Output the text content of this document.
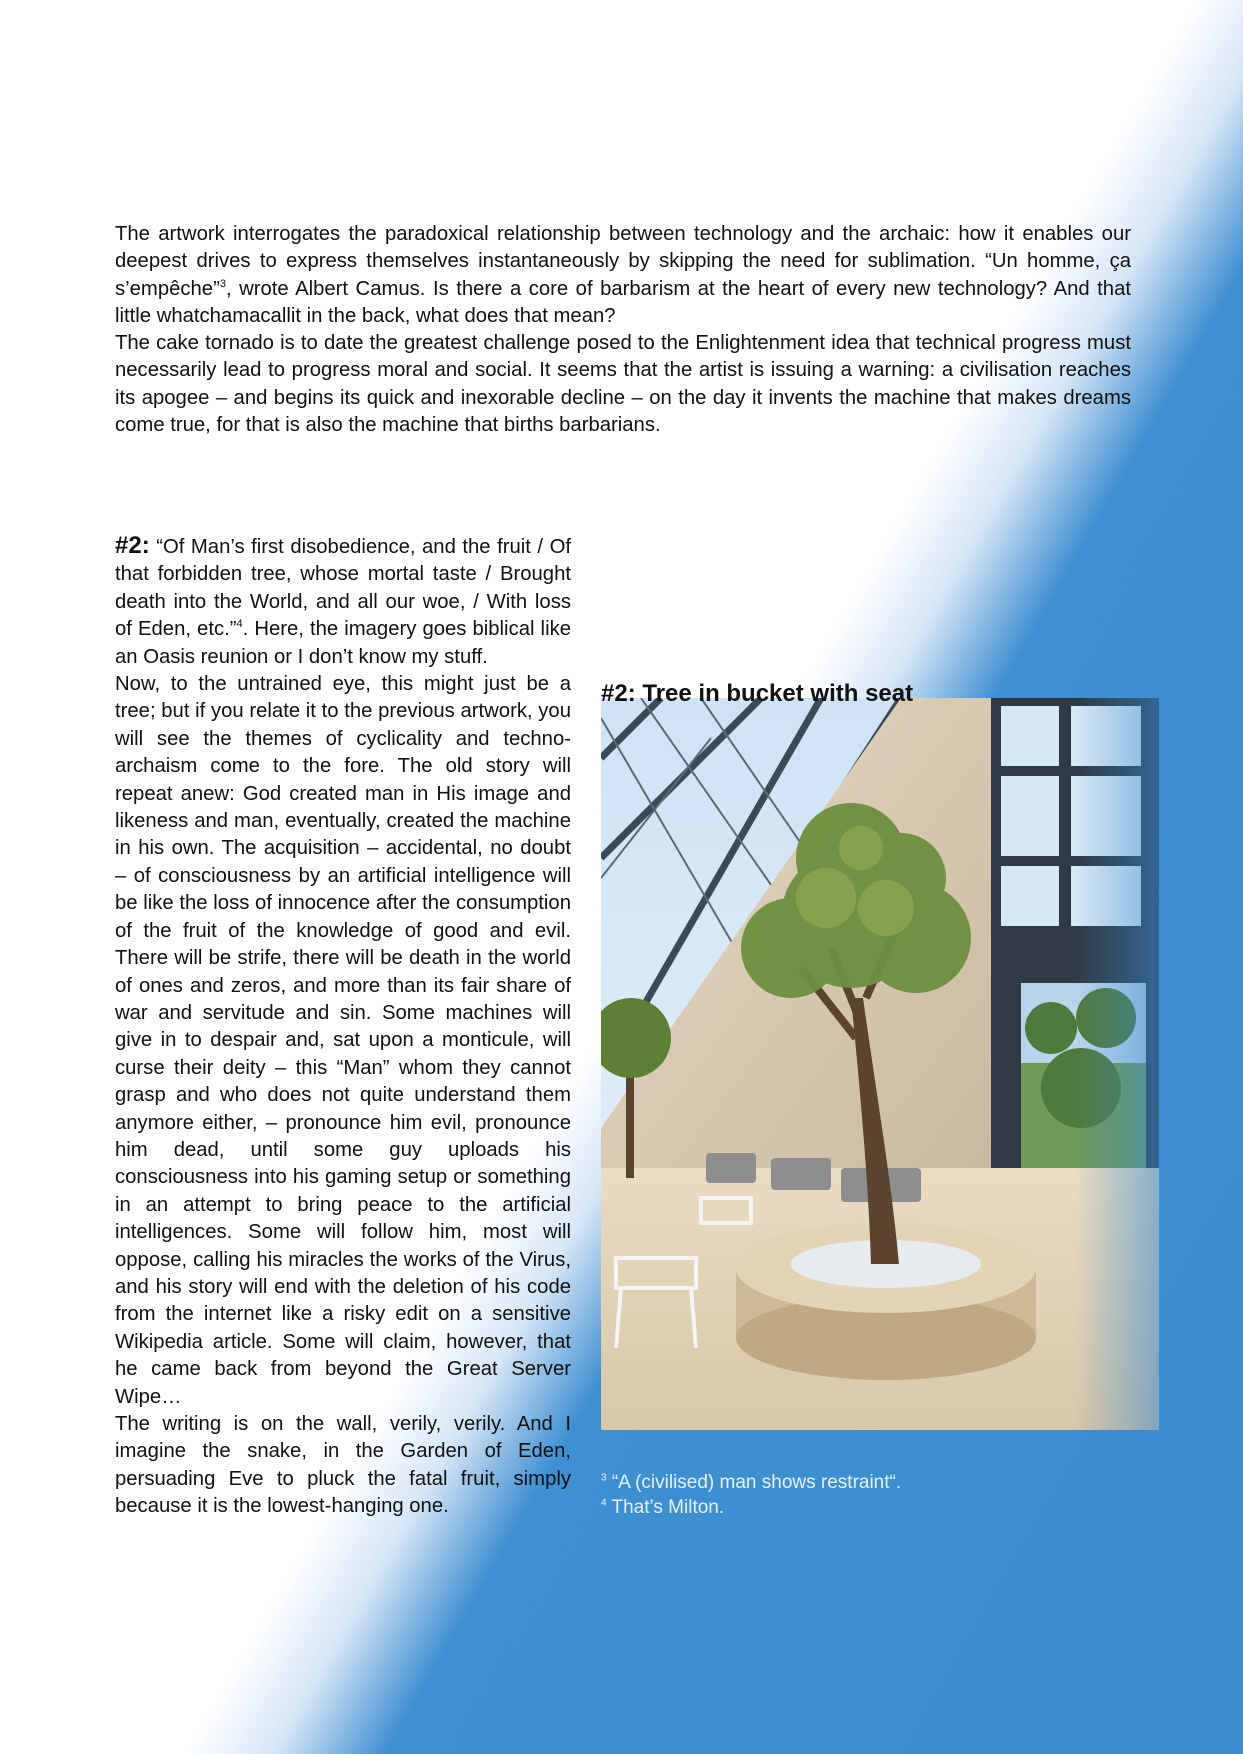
The artwork interrogates the paradoxical relationship between technology and the archaic: how it enables our deepest drives to express themselves instantaneously by skipping the need for sublimation. “Un homme, ça s’empêche”$^3$, wrote Albert Camus. Is there a core of barbarism at the heart of every new technology? And that little whatchamacallit in the back, what does that mean?

The cake tornado is to date the greatest challenge posed to the Enlightenment idea that technical progress must necessarily lead to progress moral and social. It seems that the artist is issuing a warning: a civilisation reaches its apogee – and begins its quick and inexorable decline – on the day it invents the machine that makes dreams come true, for that is also the machine that births barbarians.

#2: “Of Man’s first disobedience, and the fruit / Of that forbidden tree, whose mortal taste / Brought death into the World, and all our woe, / With loss of Eden, etc.”$^4$. Here, the imagery goes biblical like an Oasis reunion or I don’t know my stuff.

Now, to the untrained eye, this might just be a tree; but if you relate it to the previous artwork, you will see the themes of cyclicality and techno-archaism come to the fore. The old story will repeat anew: God created man in His image and likeness and man, eventually, created the machine in his own. The acquisition – accidental, no doubt – of consciousness by an artificial intelligence will be like the loss of innocence after the consumption of the fruit of the knowledge of good and evil. There will be strife, there will be death in the world of ones and zeros, and more than its fair share of war and servitude and sin. Some machines will give in to despair and, sat upon a monticule, will curse their deity – this “Man” whom they cannot grasp and who does not quite understand them anymore either, – pronounce him evil, pronounce him dead, until some guy uploads his consciousness into his gaming setup or something in an attempt to bring peace to the artificial intelligences. Some will follow him, most will oppose, calling his miracles the works of the Virus, and his story will end with the deletion of his code from the internet like a risky edit on a sensitive Wikipedia article. Some will claim, however, that he came back from beyond the Great Server Wipe…

The writing is on the wall, verily, verily. And I imagine the snake, in the Garden of Eden, persuading Eve to pluck the fatal fruit, simply because it is the lowest-hanging one.

#2: Tree in bucket with seat
$^3$ “A (civilised) man shows restraint“.
$^4$ That’s Milton.
